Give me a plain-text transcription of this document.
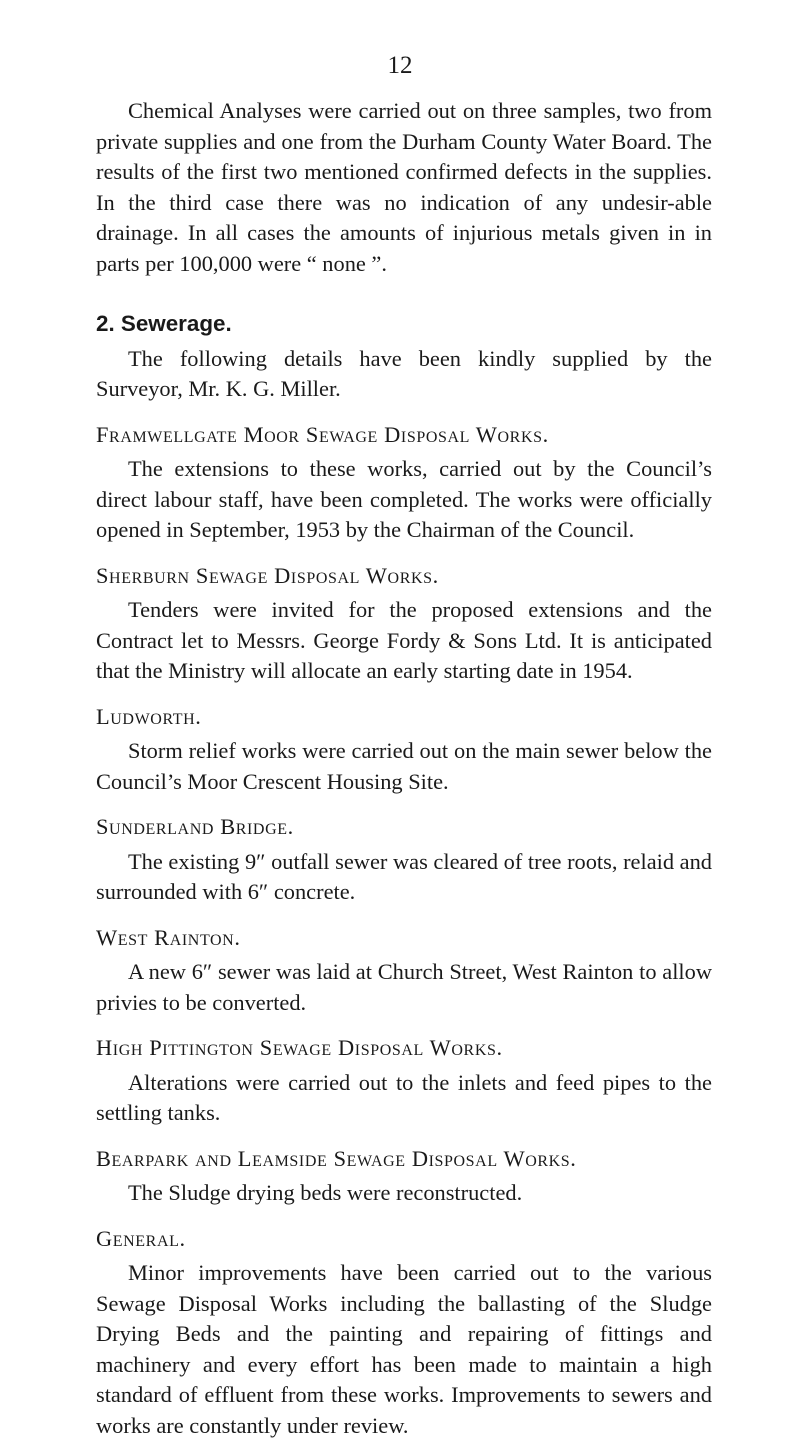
12

Chemical Analyses were carried out on three samples, two from private supplies and one from the Durham County Water Board. The results of the first two mentioned confirmed defects in the supplies. In the third case there was no indication of any undesir-able drainage. In all cases the amounts of injurious metals given in in parts per 100,000 were “ none ”.

2. Sewerage.

The following details have been kindly supplied by the Surveyor, Mr. K. G. Miller.

Framwellgate Moor Sewage Disposal Works.

The extensions to these works, carried out by the Council’s direct labour staff, have been completed. The works were officially opened in September, 1953 by the Chairman of the Council.

Sherburn Sewage Disposal Works.

Tenders were invited for the proposed extensions and the Contract let to Messrs. George Fordy & Sons Ltd. It is anticipated that the Ministry will allocate an early starting date in 1954.

Ludworth.

Storm relief works were carried out on the main sewer below the Council’s Moor Crescent Housing Site.

Sunderland Bridge.

The existing 9″ outfall sewer was cleared of tree roots, relaid and surrounded with 6″ concrete.

West Rainton.

A new 6″ sewer was laid at Church Street, West Rainton to allow privies to be converted.

High Pittington Sewage Disposal Works.

Alterations were carried out to the inlets and feed pipes to the settling tanks.

Bearpark and Leamside Sewage Disposal Works.

The Sludge drying beds were reconstructed.

General.

Minor improvements have been carried out to the various Sewage Disposal Works including the ballasting of the Sludge Drying Beds and the painting and repairing of fittings and machinery and every effort has been made to maintain a high standard of effluent from these works. Improvements to sewers and works are constantly under review.
